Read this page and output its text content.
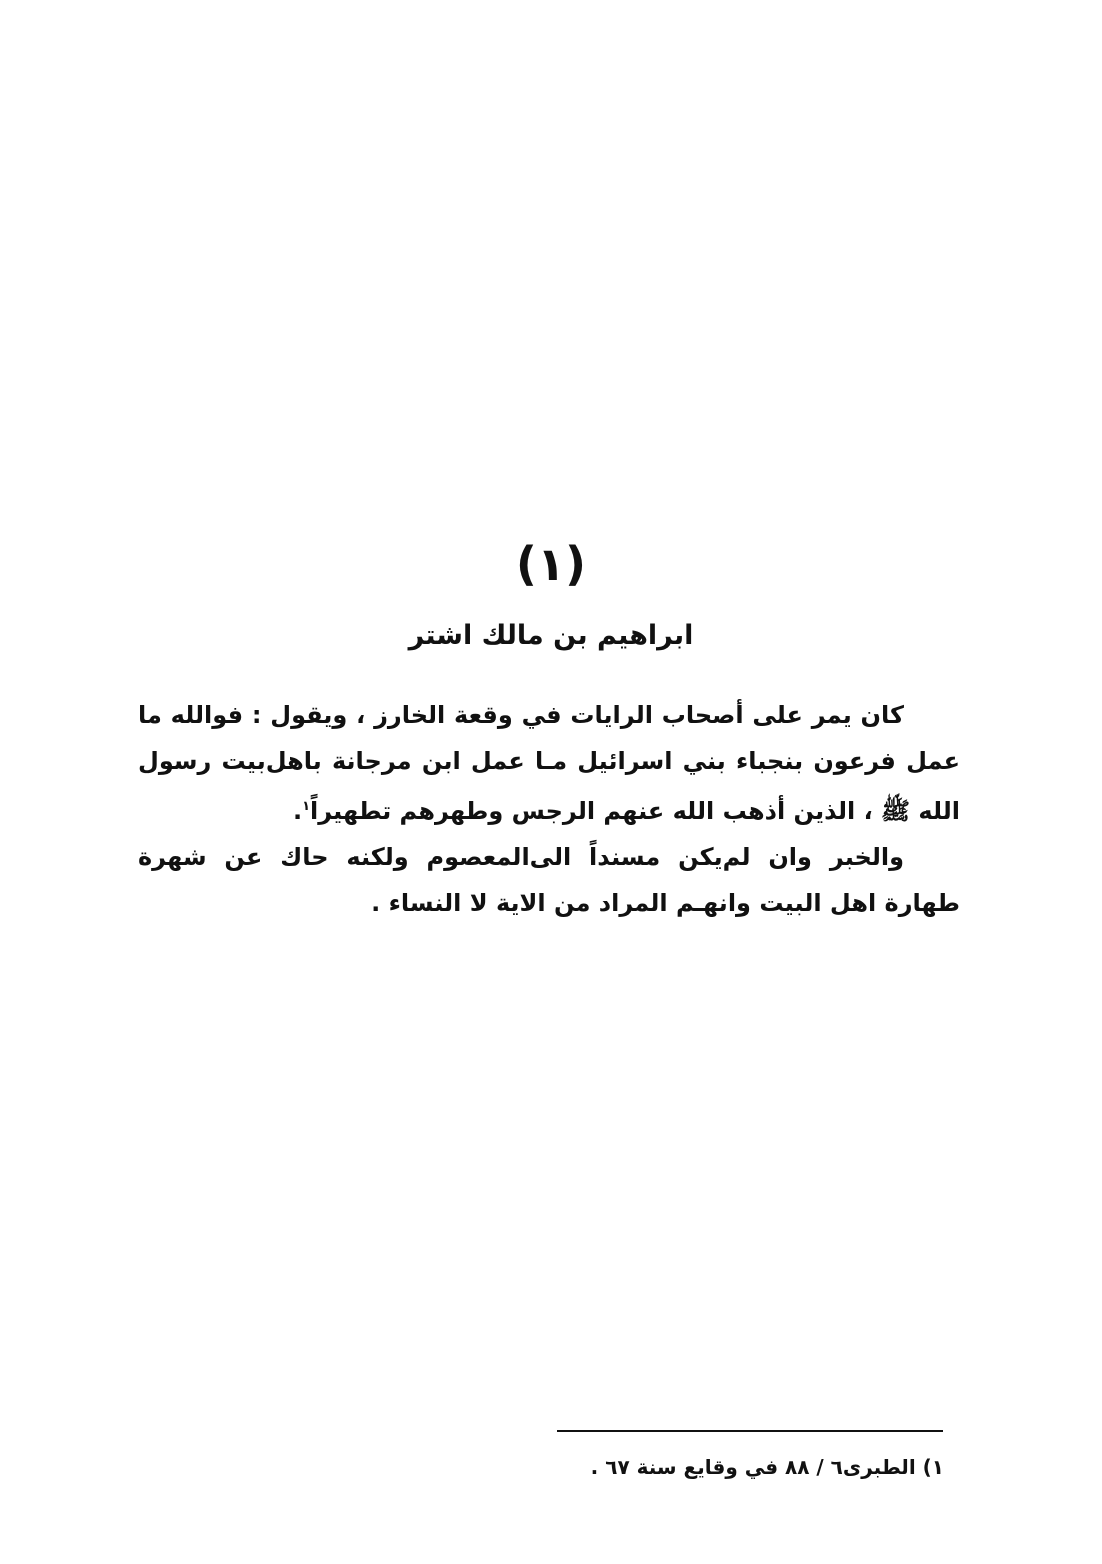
(١)
ابراهيم بن مالك اشتر

كان يمر على أصحاب الرايات في وقعة الخارز ، ويقول : فوالله ما عمل فرعون بنجباء بني اسرائيل مـا عمل ابن مرجانة باهل‌بيت رسول الله ﷺ ، الذين أذهب الله عنهم الرجس وطهرهم تطهيراً$^١$.

والخبر وان لم‌يكن مسنداً الى‌المعصوم ولكنه حاك عن شهرة طهارة اهل البيت وانهـم المراد من الاية لا النساء .

١) الطبرى٦ / ٨٨ في وقايع سنة ٦٧ .
